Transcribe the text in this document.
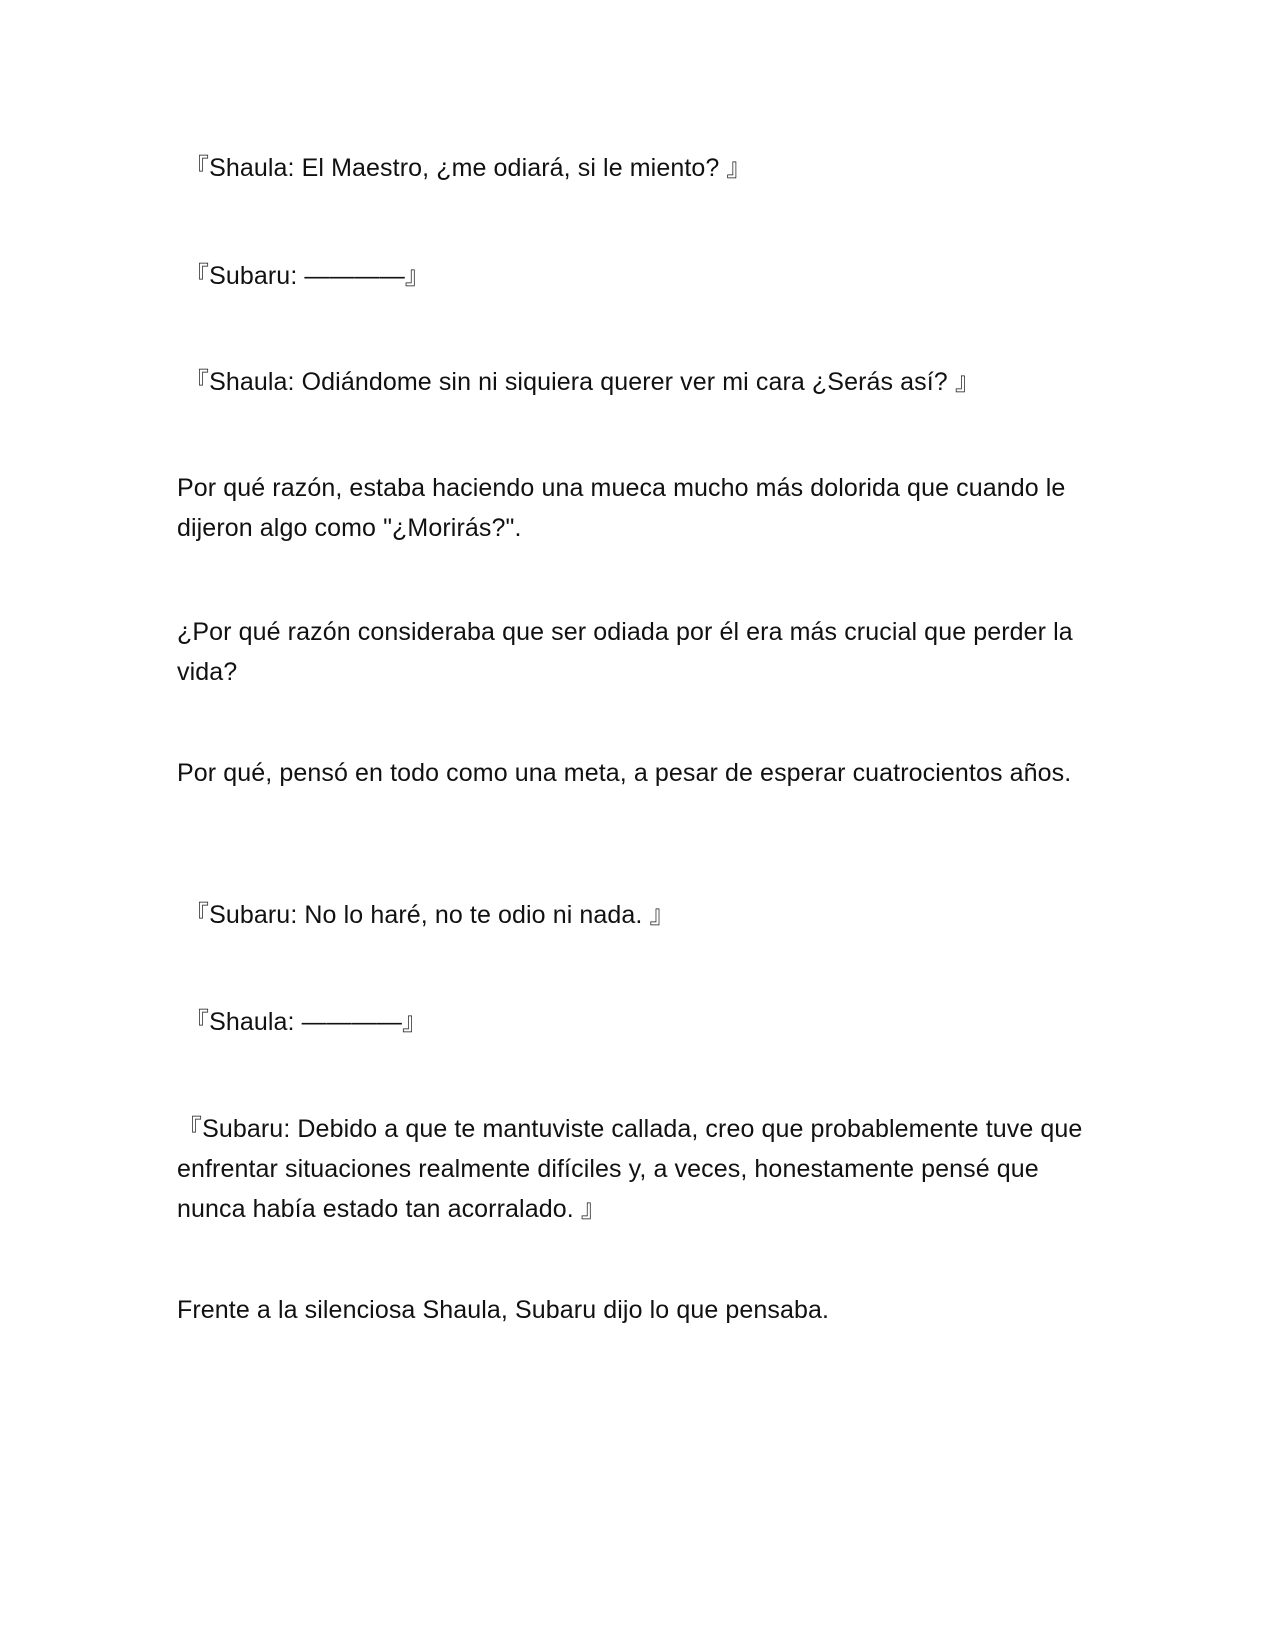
『Shaula: El Maestro, ¿me odiará, si le miento? 』

『Subaru: ————』

『Shaula: Odiándome sin ni siquiera querer ver mi cara ¿Serás así? 』

Por qué razón, estaba haciendo una mueca mucho más dolorida que cuando le dijeron algo como "¿Morirás?".

¿Por qué razón consideraba que ser odiada por él era más crucial que perder la vida?

Por qué, pensó en todo como una meta, a pesar de esperar cuatrocientos años.

『Subaru: No lo haré, no te odio ni nada. 』

『Shaula: ————』

『Subaru: Debido a que te mantuviste callada, creo que probablemente tuve que enfrentar situaciones realmente difíciles y, a veces, honestamente pensé que nunca había estado tan acorralado. 』

Frente a la silenciosa Shaula, Subaru dijo lo que pensaba.
